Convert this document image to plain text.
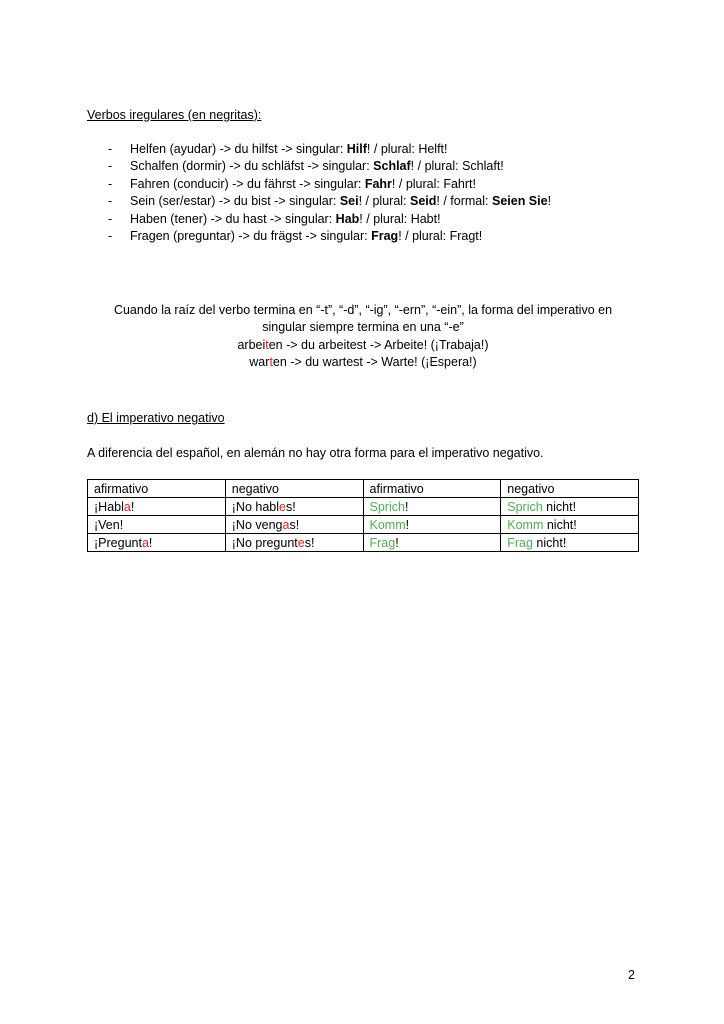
Verbos iregulares (en negritas):
- Helfen (ayudar) -> du hilfst -> singular: Hilf! / plural: Helft!
- Schalfen (dormir) -> du schläfst -> singular: Schlaf! / plural: Schlaft!
- Fahren (conducir) -> du fährst -> singular: Fahr! / plural: Fahrt!
- Sein (ser/estar) -> du bist -> singular: Sei! / plural: Seid! / formal: Seien Sie!
- Haben (tener) -> du hast -> singular: Hab! / plural: Habt!
- Fragen (preguntar) -> du frägst -> singular: Frag! / plural: Fragt!
Cuando la raíz del verbo termina en “-t”, “-d”, “-ig”, “-ern”, “-ein”, la forma del imperativo en
singular siempre termina en una “-e”
arbeiten -> du arbeitest -> Arbeite! (¡Trabaja!)
warten -> du wartest -> Warte! (¡Espera!)
d) El imperativo negativo
A diferencia del español, en alemán no hay otra forma para el imperativo negativo.
afirmativo	negativo	afirmativo	negativo
¡Habla!	¡No hables!	Sprich!	Sprich nicht!
¡Ven!	¡No vengas!	Komm!	Komm nicht!
¡Pregunta!	¡No preguntes!	Frag!	Frag nicht!
2
